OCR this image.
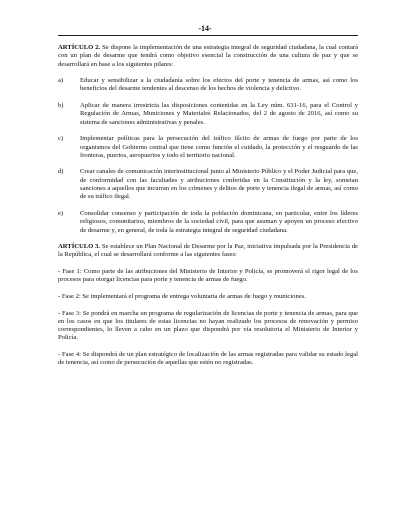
-14-

ARTÍCULO 2. Se dispone la implementación de una estrategia integral de seguridad ciudadana, la cual contará con un plan de desarme que tendrá como objetivo esencial la construcción de una cultura de paz y que se desarrollará en base a los siguientes pilares:

a)	Educar y sensibilizar a la ciudadanía sobre los efectos del porte y tenencia de armas, así como los beneficios del desarme tendentes al descenso de los hechos de violencia y delictivo.
b)	Aplicar de manera irrestricta las disposiciones contenidas en la Ley núm. 631-16, para el Control y Regulación de Armas, Municiones y Materiales Relacionados, del 2 de agosto de 2016, así como su sistema de sanciones administrativas y penales.
c)	Implementar políticas para la persecución del tráfico ilícito de armas de fuego por parte de los organismos del Gobierno central que tiene como función el cuidado, la protección y el resguardo de las fronteras, puertos, aeropuertos y todo el territorio nacional.
d)	Crear canales de comunicación interinstitucional junto al Ministerio Público y el Poder Judicial para que, de conformidad con las facultades y atribuciones conferidas en la Constitución y la ley, sometan sanciones a aquellos que incurran en los crímenes y delitos de porte y tenencia ilegal de armas, así como de su tráfico ilegal.
e)	Consolidar consenso y participación de toda la población dominicana, en particular, entre los líderes religiosos, comunitarios, miembros de la sociedad civil, para que asuman y apoyen un proceso efectivo de desarme y, en general, de toda la estrategia integral de seguridad ciudadana.

ARTÍCULO 3. Se establece un Plan Nacional de Desarme por la Paz, iniciativa impulsada por la Presidencia de la República, el cual se desarrollará conforme a las siguientes fases:

- Fase 1: Como parte de las atribuciones del Ministerio de Interior y Policía, se promoverá el rigor legal de los procesos para otorgar licencias para porte y tenencia de armas de fuego.

- Fase 2: Se implementará el programa de entrega voluntaria de armas de fuego y municiones.

- Fase 3: Se pondrá en marcha un programa de regularización de licencias de porte y tenencia de armas, para que en los casos en que los titulares de estas licencias no hayan realizado los procesos de renovación y permiso correspondientes, lo lleven a cabo en un plazo que dispondrá por vía resolutoria el Ministerio de Interior y Policía.

- Fase 4: Se dispondrá de un plan estratégico de localización de las armas registradas para validar su estado legal de tenencia, así como de persecución de aquellas que estén no registradas.
